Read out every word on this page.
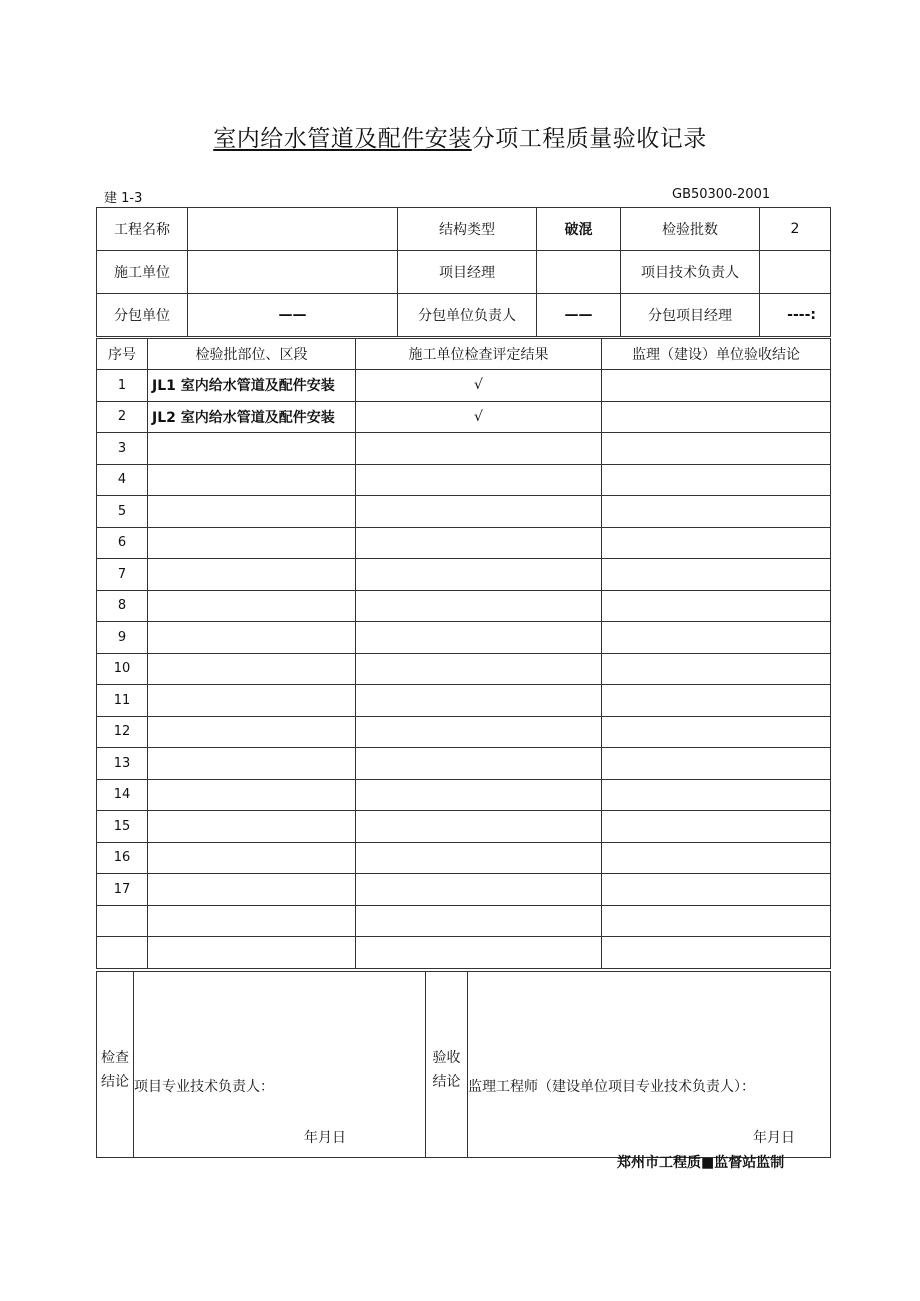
室内给水管道及配件安装分项工程质量验收记录
建 1-3	GB50300-2001
工程名称		结构类型	破混	检验批数	2
施工单位		项目经理		项目技术负责人	
分包单位	——	分包单位负责人	——	分包项目经理	----:
序号	检验批部位、区段	施工单位检查评定结果	监理（建设）单位验收结论
1	JL1 室内给水管道及配件安装	√	
2	JL2 室内给水管道及配件安装	√	
3			
4			
5			
6			
7			
8			
9			
10			
11			
12			
13			
14			
15			
16			
17			

检查
结论	项目专业技术负责人：
年月日

验收
结论	监理工程师（建设单位项目专业技术负责人）：
年月日
郑州市工程质■监督站监制
